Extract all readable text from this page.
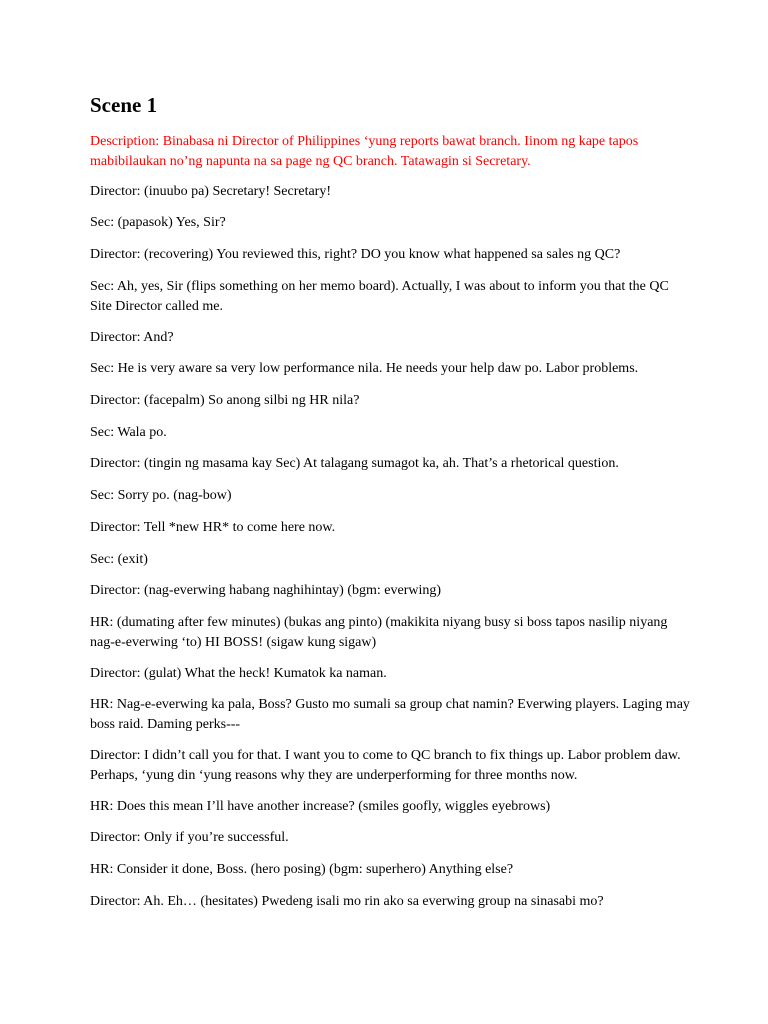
Scene 1

Description: Binabasa ni Director of Philippines ‘yung reports bawat branch. Iinom ng kape tapos mabibilaukan no’ng napunta na sa page ng QC branch. Tatawagin si Secretary.

Director: (inuubo pa) Secretary! Secretary!

Sec: (papasok) Yes, Sir?

Director: (recovering) You reviewed this, right? DO you know what happened sa sales ng QC?

Sec: Ah, yes, Sir (flips something on her memo board). Actually, I was about to inform you that the QC Site Director called me.

Director: And?

Sec: He is very aware sa very low performance nila. He needs your help daw po. Labor problems.

Director: (facepalm) So anong silbi ng HR nila?

Sec: Wala po.

Director: (tingin ng masama kay Sec) At talagang sumagot ka, ah. That’s a rhetorical question.

Sec: Sorry po. (nag-bow)

Director: Tell *new HR* to come here now.

Sec: (exit)

Director: (nag-everwing habang naghihintay) (bgm: everwing)

HR: (dumating after few minutes) (bukas ang pinto) (makikita niyang busy si boss tapos nasilip niyang nag-e-everwing ‘to) HI BOSS! (sigaw kung sigaw)

Director: (gulat) What the heck! Kumatok ka naman.

HR: Nag-e-everwing ka pala, Boss? Gusto mo sumali sa group chat namin? Everwing players. Laging may boss raid. Daming perks---

Director: I didn’t call you for that. I want you to come to QC branch to fix things up. Labor problem daw. Perhaps, ‘yung din ‘yung reasons why they are underperforming for three months now.

HR: Does this mean I’ll have another increase? (smiles goofly, wiggles eyebrows)

Director: Only if you’re successful.

HR: Consider it done, Boss. (hero posing) (bgm: superhero) Anything else?

Director: Ah. Eh… (hesitates) Pwedeng isali mo rin ako sa everwing group na sinasabi mo?
